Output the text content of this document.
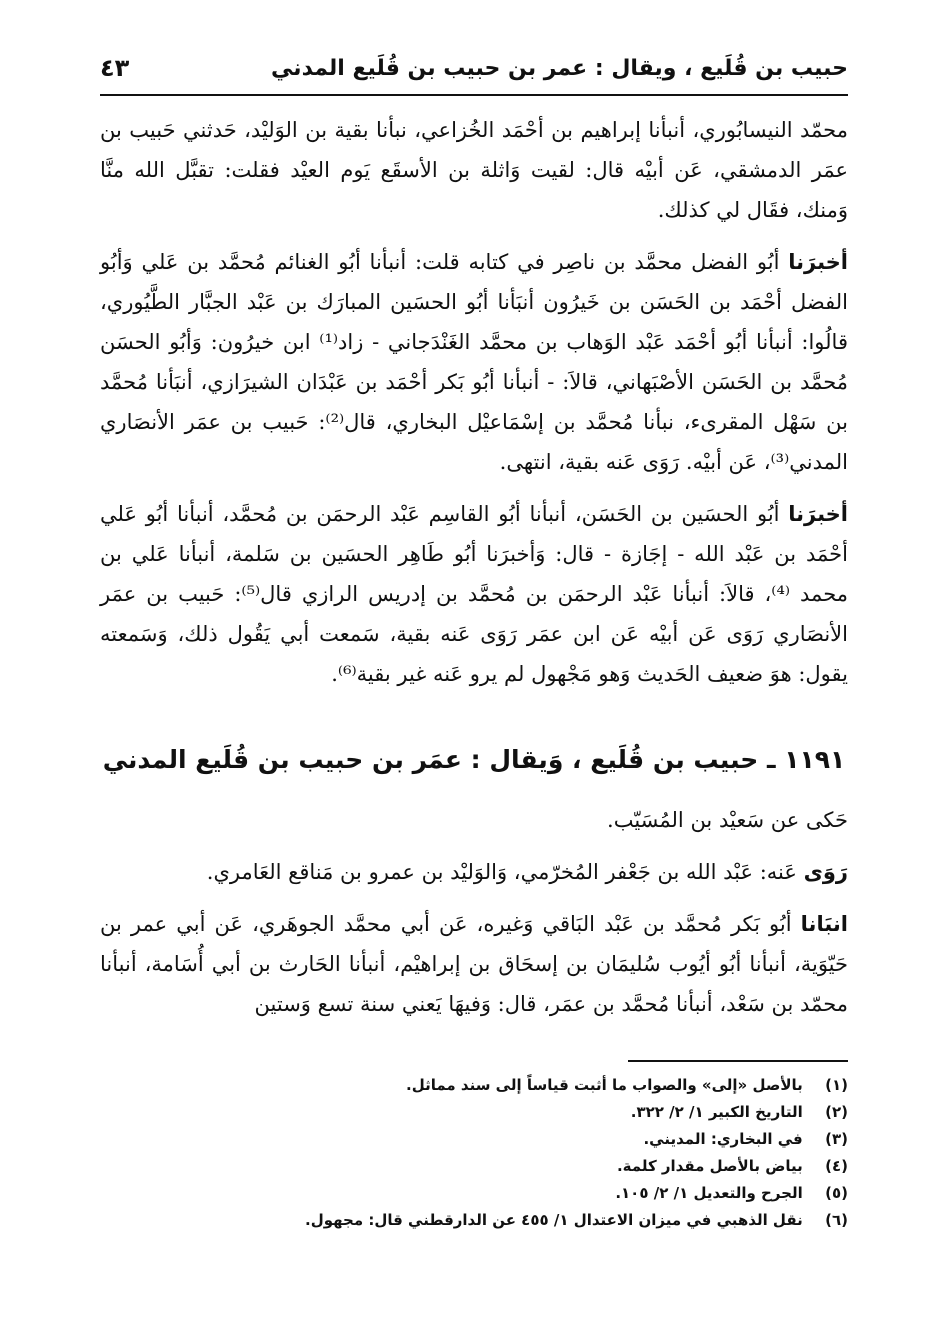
حبيب بن قُلَيع ، ويقال : عمر بن حبيب بن قُلَيع المدني
٤٣

محمّد النيسابُوري، أنبأنا إبراهيم بن أحْمَد الخُزاعي، نبأنا بقية بن الوَليْد، حَدثني حَبيب بن عمَر الدمشقي، عَن أبيْه قال: لقيت وَاثلة بن الأسقَع يَوم العيْد فقلت: تقبَّل الله منَّا وَمنك، فقَال لي كذلك.

أخبرَنا أبُو الفضل محمَّد بن ناصِر في كتابه قلت: أنبأنا أبُو الغنائم مُحمَّد بن عَلي وَأبُو الفضل أحْمَد بن الحَسَن بن خَيرُون أنبَأنا أبُو الحسَين المبارَك بن عَبْد الجبَّار الطَّيُوري، قالُوا: أنبأنا أبُو أحْمَد عَبْد الوَهاب بن محمَّد الغَنْدَجاني - زاد⁽¹⁾ ابن خيرُون: وَأبُو الحسَن مُحمَّد بن الحَسَن الأصْبَهاني، قالاَ: - أنبأنا أبُو بَكر أحْمَد بن عَبْدَان الشيرَازي، أنبَأنا مُحمَّد بن سَهْل المقرىء، نبأنا مُحمَّد بن إسْمَاعيْل البخاري، قال⁽²⁾: حَبيب بن عمَر الأنصَاري المدني⁽³⁾، عَن أبيْه. رَوَى عَنه بقية، انتهى.

أخبرَنا أبُو الحسَين بن الحَسَن، أنبأنا أبُو القاسِم عَبْد الرحمَن بن مُحمَّد، أنبأنا أبُو عَلي أحْمَد بن عَبْد الله - إجَازة - قال: وَأخبرَنا أبُو طَاهِر الحسَين بن سَلمة، أنبأنا عَلي بن محمد ⁽⁴⁾، قالاَ: أنبأنا عَبْد الرحمَن بن مُحمَّد بن إدريس الرازي قال⁽⁵⁾: حَبيب بن عمَر الأنصَاري رَوَى عَن أبيْه عَن ابن عمَر رَوَى عَنه بقية، سَمعت أبي يَقُول ذلك، وَسَمعته يقول: هوَ ضعيف الحَديث وَهو مَجْهول لم يرو عَنه غير بقية⁽⁶⁾.

١١٩١ ـ حبيب بن قُلَيع ، وَيقال : عمَر بن حبيب بن قُلَيع المدني

حَكى عن سَعيْد بن المُسَيّب.

رَوَى عَنه: عَبْد الله بن جَعْفر المُخرّمي، وَالوَليْد بن عمرو بن مَناقع العَامري.

انبَانا أبُو بَكر مُحمَّد بن عَبْد البَاقي وَغيره، عَن أبي محمَّد الجوهَري، عَن أبي عمر بن حَيّوَية، أنبأنا أبُو أيُوب سُليمَان بن إسحَاق بن إبراهيْم، أنبأنا الحَارث بن أبي أُسَامة، أنبأنا محمّد بن سَعْد، أنبأنا مُحمَّد بن عمَر، قال: وَفيهَا يَعني سنة تسع وَستين

(١) بالأصل «إلى» والصواب ما أثبت قياساً إلى سند مماثل.
(٢) التاريخ الكبير ١/ ٢/ ٣٢٢.
(٣) في البخاري: المديني.
(٤) بياض بالأصل مقدار كلمة.
(٥) الجرح والتعديل ١/ ٢/ ١٠٥.
(٦) نقل الذهبي في ميزان الاعتدال ١/ ٤٥٥ عن الدارقطني قال: مجهول.
